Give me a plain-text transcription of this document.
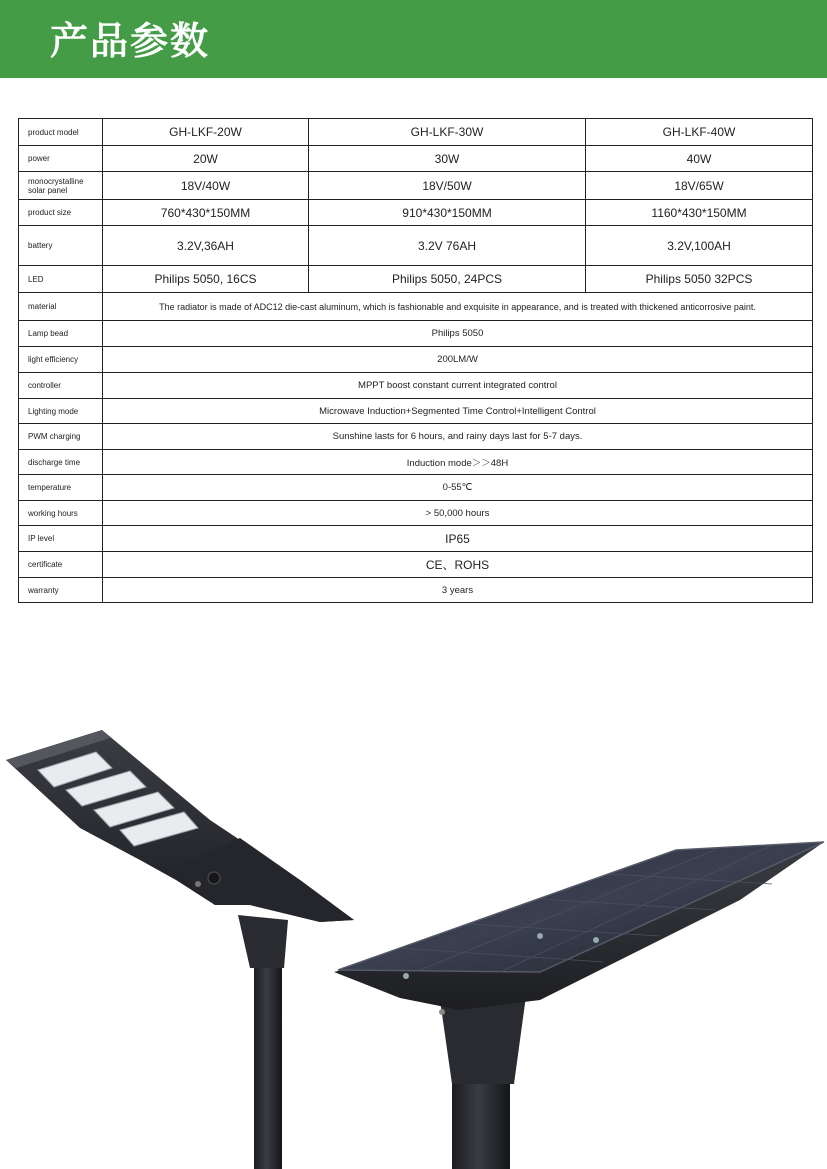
产品参数
product model	GH-LKF-20W	GH-LKF-30W	GH-LKF-40W
power	20W	30W	40W
monocrystalline solar panel	18V/40W	18V/50W	18V/65W
product size	760*430*150MM	910*430*150MM	1160*430*150MM
battery	3.2V,36AH	3.2V 76AH	3.2V,100AH
LED	Philips 5050, 16CS	Philips 5050, 24PCS	Philips 5050 32PCS
material	The radiator is made of ADC12 die-cast aluminum, which is fashionable and exquisite in appearance, and is treated with thickened anticorrosive paint.		
Lamp bead	Philips 5050		
light efficiency	200LM/W		
controller	MPPT boost constant current integrated control		
Lighting mode	Microwave Induction+Segmented Time Control+Intelligent Control		
PWM charging	Sunshine lasts for 6 hours, and rainy days last for 5-7 days.		
discharge time	Induction mode＞＞48H		
temperature	0-55℃		
working hours	> 50,000 hours		
IP level	IP65		
certificate	CE、ROHS		
warranty	3 years		
